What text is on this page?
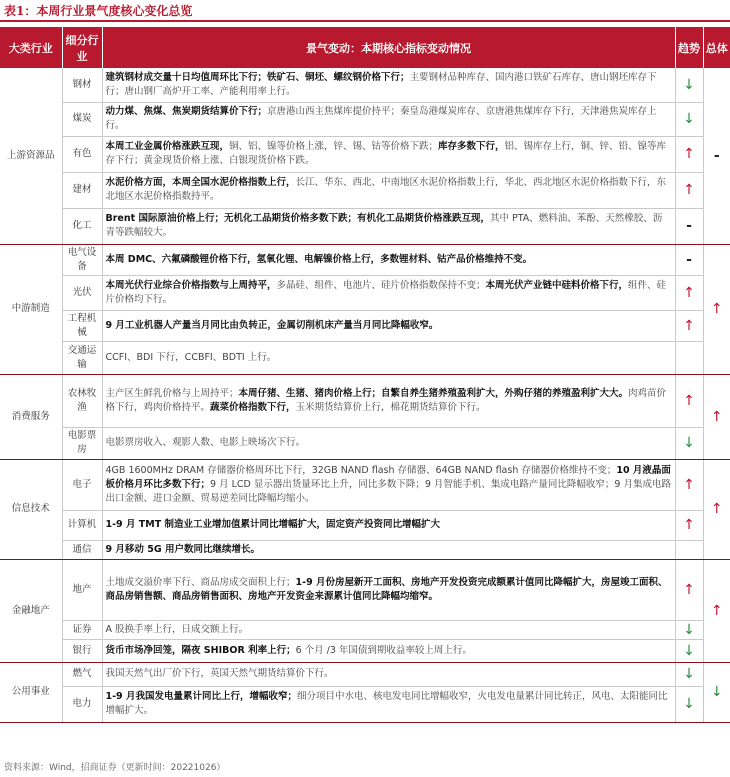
表1：本周行业景气度核心变化总览
大类行业	细分行业	景气变动：本期核心指标变动情况	趋势	总体
上游资源品	钢材	建筑钢材成交量十日均值周环比下行；铁矿石、铜坯、螺纹钢价格下行；主要钢材品种库存、国内港口铁矿石库存、唐山钢坯库存下行；唐山钢厂高炉开工率、产能利用率上行。	↓	-
	煤炭	动力煤、焦煤、焦炭期货结算价下行；京唐港山西主焦煤库提价持平；秦皇岛港煤炭库存、京唐港焦煤库存下行，天津港焦炭库存上行。	↓	
	有色	本周工业金属价格涨跌互现，铜、铝、镍等价格上涨，锌、锡、钴等价格下跌；库存多数下行，铝、锡库存上行，铜、锌、铅、镍等库存下行；黄金现货价格上涨、白银现货价格下跌。	↑	
	建材	水泥价格方面，本周全国水泥价格指数上行，长江、华东、西北、中南地区水泥价格指数上行，华北、西北地区水泥价格指数下行，东北地区水泥价格指数持平。	↑	
	化工	Brent 国际原油价格上行；无机化工品期货价格多数下跌；有机化工品期货价格涨跌互现，其中 PTA、燃料油、苯酚、天然橡胶、沥青等跌幅较大。	-	
中游制造	电气设备	本周 DMC、六氟磷酸锂价格下行，氢氧化锂、电解镍价格上行，多数锂材料、钴产品价格维持不变。	-	↑
	光伏	本周光伏行业综合价格指数与上周持平，多晶硅、组件、电池片、硅片价格指数保持不变；本周光伏产业链中硅料价格下行，组件、硅片价格均下行。	↑	
	工程机械	9 月工业机器人产量当月同比由负转正，金属切削机床产量当月同比降幅收窄。	↑	
	交通运输	CCFI、BDI 下行，CCBFI、BDTI 上行。		
消费服务	农林牧渔	主产区生鲜乳价格与上周持平；本周仔猪、生猪、猪肉价格上行；自繁自养生猪养殖盈利扩大，外购仔猪的养殖盈利扩大大。肉鸡苗价格下行，鸡肉价格持平。蔬菜价格指数下行，玉米期货结算价上行，棉花期货结算价下行。	↑	↑
	电影票房	电影票房收入、观影人数、电影上映场次下行。	↓	
信息技术	电子	4GB 1600MHz DRAM 存储器价格周环比下行，32GB NAND flash 存储器、64GB NAND flash 存储器价格维持不变；10 月液晶面板价格月环比多数下行；9 月 LCD 显示器出货量环比上升，同比多数下降；9 月智能手机、集成电路产量同比降幅收窄；9 月集成电路出口金额、进口金额、贸易逆差同比降幅均缩小。	↑	↑
	计算机	1-9 月 TMT 制造业工业增加值累计同比增幅扩大，固定资产投资同比增幅扩大	↑	
	通信	9 月移动 5G 用户数同比继续增长。		
金融地产	地产	土地成交溢价率下行、商品房成交面积上行；1-9 月份房屋新开工面积、房地产开发投资完成额累计值同比降幅扩大，房屋竣工面积、商品房销售额、商品房销售面积、房地产开发资金来源累计值同比降幅均缩窄。	↑	↑
	证券	A 股换手率上行，日成交额上行。	↓	
	银行	货币市场净回笼，隔夜 SHIBOR 利率上行；6 个月 /3 年国债到期收益率较上周上行。	↓	
公用事业	燃气	我国天然气出厂价下行，英国天然气期货结算价下行。	↓	↓
	电力	1-9 月我国发电量累计同比上行，增幅收窄；细分项目中水电、核电发电同比增幅收窄，火电发电量累计同比转正，风电、太阳能同比增幅扩大。	↓	
资料来源：Wind，招商证券（更新时间：20221026）
